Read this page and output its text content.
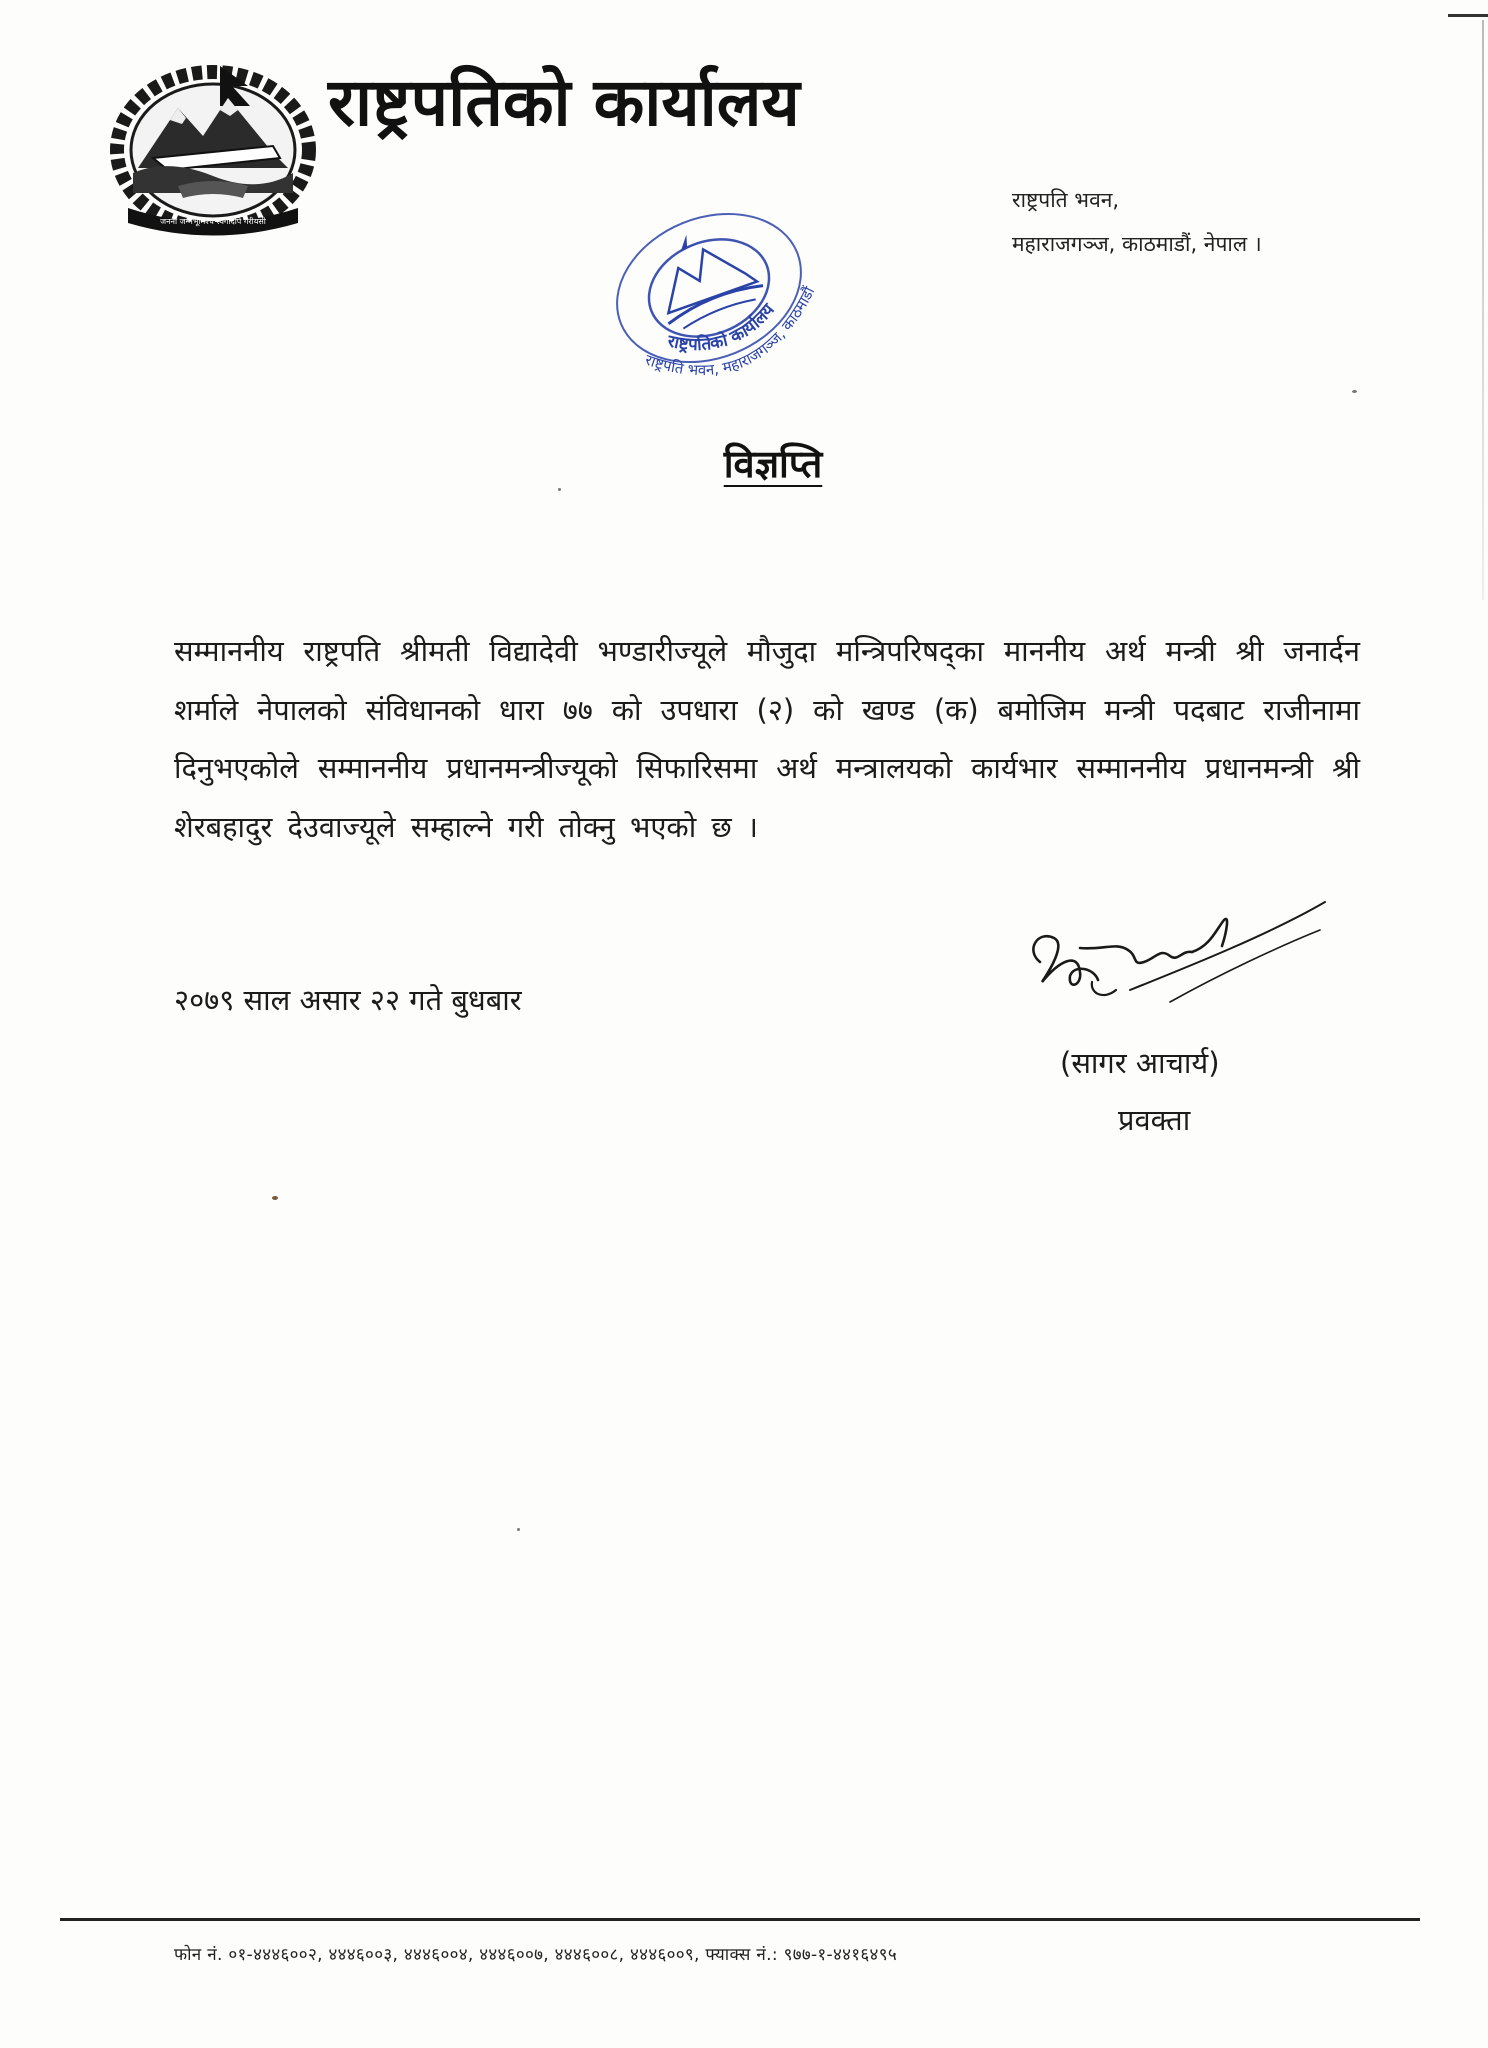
जननी जन्मभूमिश्च स्वर्गादपि गरीयसी
राष्ट्रपतिको कार्यालय
राष्ट्रपति भवन,
महाराजगञ्ज, काठमाडौं, नेपाल ।
राष्ट्रपतिको कार्यालय
राष्ट्रपति भवन, महाराजगञ्ज, काठमाडौं
विज्ञप्ति
सम्माननीय राष्ट्रपति श्रीमती विद्यादेवी भण्डारीज्यूले मौजुदा मन्त्रिपरिषद्का माननीय अर्थ मन्त्री श्री जनार्दन शर्माले नेपालको संविधानको धारा ७७ को उपधारा (२) को खण्ड (क) बमोजिम मन्त्री पदबाट राजीनामा दिनुभएकोले सम्माननीय प्रधानमन्त्रीज्यूको सिफारिसमा अर्थ मन्त्रालयको कार्यभार सम्माननीय प्रधानमन्त्री श्री शेरबहादुर देउवाज्यूले सम्हाल्ने गरी तोक्नु भएको छ ।
२०७९ साल असार २२ गते बुधबार
(सागर आचार्य)
प्रवक्ता
फोन नं. ०१-४४४६००२, ४४४६००३, ४४४६००४, ४४४६००७, ४४४६००८, ४४४६००९, फ्याक्स नं.: ९७७-१-४४१६४९५
